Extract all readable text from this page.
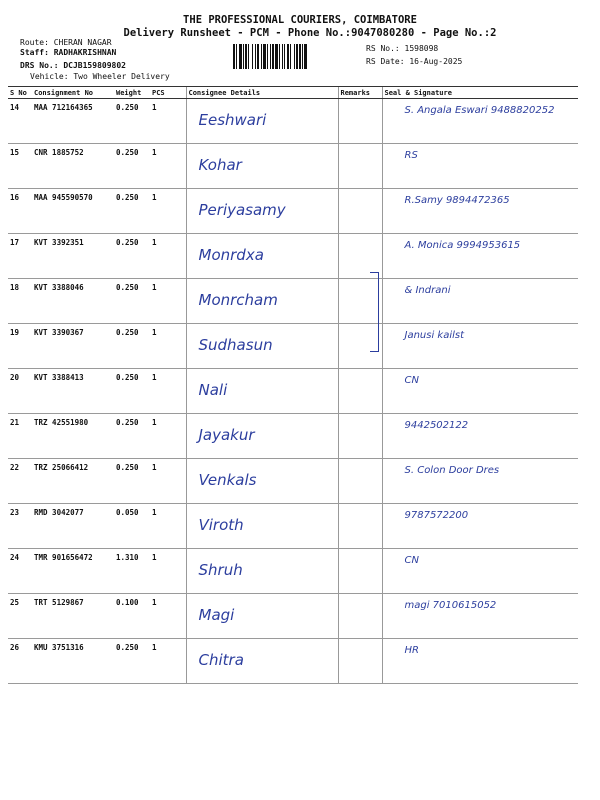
THE PROFESSIONAL COURIERS, COIMBATORE
Delivery Runsheet - PCM - Phone No.:9047080280 - Page No.:2
Route: CHERAN NAGAR
Staff: RADHAKRISHNAN
DRS No.: DCJB159809802
Vehicle: Two Wheeler Delivery
RS No.: 1598098
RS Date: 16-Aug-2025
S No	Consignment No	Weight	PCS	Consignee Details	Remarks	Seal & Signature
14	MAA 712164365	0.250	1	Eeshwari		S. Angala Eswari 9488820252
15	CNR 1885752	0.250	1	Kohar		RS
16	MAA 945590570	0.250	1	Periyasamy		R.Samy 9894472365
17	KVT 3392351	0.250	1	Monrdxa		A. Monica 9994953615
18	KVT 3388046	0.250	1	Monrcham		& Indrani
19	KVT 3390367	0.250	1	Sudhasun		Janusi kailst
20	KVT 3388413	0.250	1	Nali		CN
21	TRZ 42551980	0.250	1	Jayakur		9442502122
22	TRZ 25066412	0.250	1	Venkals		S. Colon Door Dres
23	RMD 3042077	0.050	1	Viroth		9787572200
24	TMR 901656472	1.310	1	Shruh		CN
25	TRT 5129867	0.100	1	Magi		magi 7010615052
26	KMU 3751316	0.250	1	Chitra		HR
